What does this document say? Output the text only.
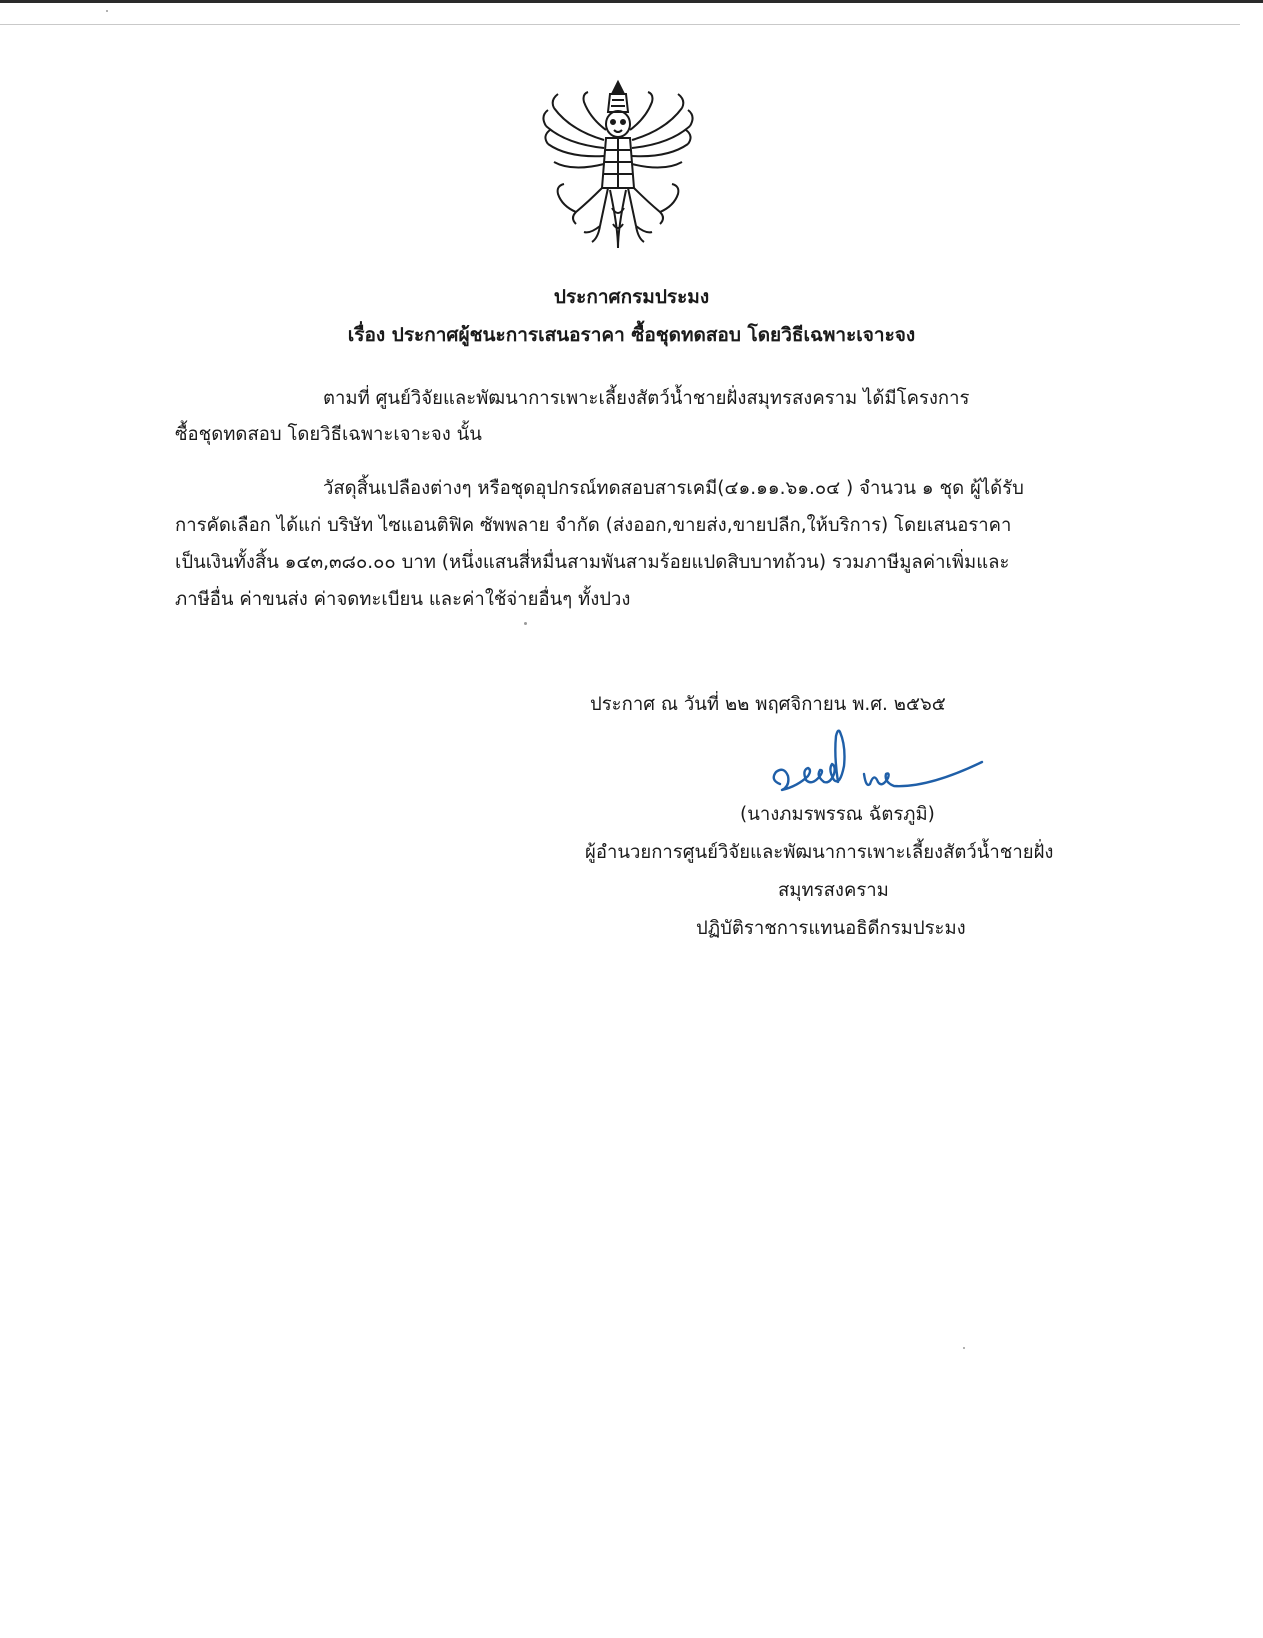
ประกาศกรมประมง
เรื่อง ประกาศผู้ชนะการเสนอราคา ซื้อชุดทดสอบ โดยวิธีเฉพาะเจาะจง
ตามที่ ศูนย์วิจัยและพัฒนาการเพาะเลี้ยงสัตว์น้ำชายฝั่งสมุทรสงคราม ได้มีโครงการ
ซื้อชุดทดสอบ โดยวิธีเฉพาะเจาะจง นั้น
วัสดุสิ้นเปลืองต่างๆ หรือชุดอุปกรณ์ทดสอบสารเคมี(๔๑.๑๑.๖๑.๐๔ ) จำนวน ๑ ชุด ผู้ได้รับ
การคัดเลือก ได้แก่ บริษัท ไซแอนติฟิค ซัพพลาย จำกัด (ส่งออก,ขายส่ง,ขายปลีก,ให้บริการ) โดยเสนอราคา
เป็นเงินทั้งสิ้น ๑๔๓,๓๘๐.๐๐ บาท (หนึ่งแสนสี่หมื่นสามพันสามร้อยแปดสิบบาทถ้วน) รวมภาษีมูลค่าเพิ่มและ
ภาษีอื่น ค่าขนส่ง ค่าจดทะเบียน และค่าใช้จ่ายอื่นๆ ทั้งปวง
ประกาศ ณ วันที่ ๒๒ พฤศจิกายน พ.ศ. ๒๕๖๕
(นางภมรพรรณ ฉัตรภูมิ)
ผู้อำนวยการศูนย์วิจัยและพัฒนาการเพาะเลี้ยงสัตว์น้ำชายฝั่ง
สมุทรสงคราม
ปฏิบัติราชการแทนอธิดีกรมประมง
